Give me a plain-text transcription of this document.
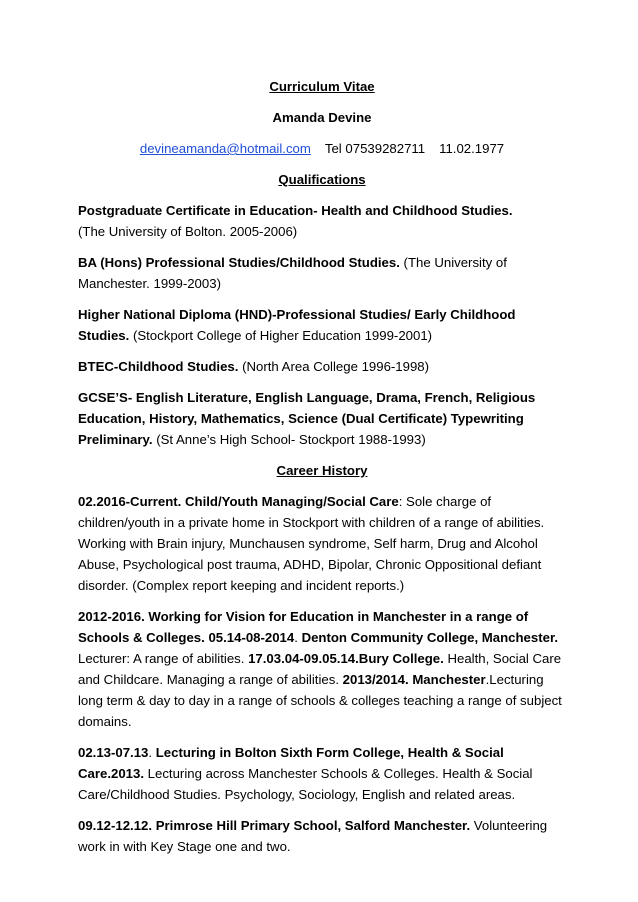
Curriculum Vitae
Amanda Devine
devineamanda@hotmail.com Tel 07539282711 11.02.1977
Qualifications
Postgraduate Certificate in Education- Health and Childhood Studies.
(The University of Bolton. 2005-2006)
BA (Hons) Professional Studies/Childhood Studies. (The University of Manchester. 1999-2003)
Higher National Diploma (HND)-Professional Studies/ Early Childhood Studies. (Stockport College of Higher Education 1999-2001)
BTEC-Childhood Studies. (North Area College 1996-1998)
GCSE’S- English Literature, English Language, Drama, French, Religious Education, History, Mathematics, Science (Dual Certificate) Typewriting Preliminary. (St Anne’s High School- Stockport 1988-1993)
Career History
02.2016-Current. Child/Youth Managing/Social Care: Sole charge of children/youth in a private home in Stockport with children of a range of abilities. Working with Brain injury, Munchausen syndrome, Self harm, Drug and Alcohol Abuse, Psychological post trauma, ADHD, Bipolar, Chronic Oppositional defiant disorder. (Complex report keeping and incident reports.)
2012-2016. Working for Vision for Education in Manchester in a range of Schools & Colleges. 05.14-08-2014. Denton Community College, Manchester. Lecturer: A range of abilities. 17.03.04-09.05.14.Bury College. Health, Social Care and Childcare. Managing a range of abilities. 2013/2014. Manchester.Lecturing long term & day to day in a range of schools & colleges teaching a range of subject domains.
02.13-07.13. Lecturing in Bolton Sixth Form College, Health & Social Care.2013. Lecturing across Manchester Schools & Colleges. Health & Social Care/Childhood Studies. Psychology, Sociology, English and related areas.
09.12-12.12. Primrose Hill Primary School, Salford Manchester. Volunteering work in with Key Stage one and two.
